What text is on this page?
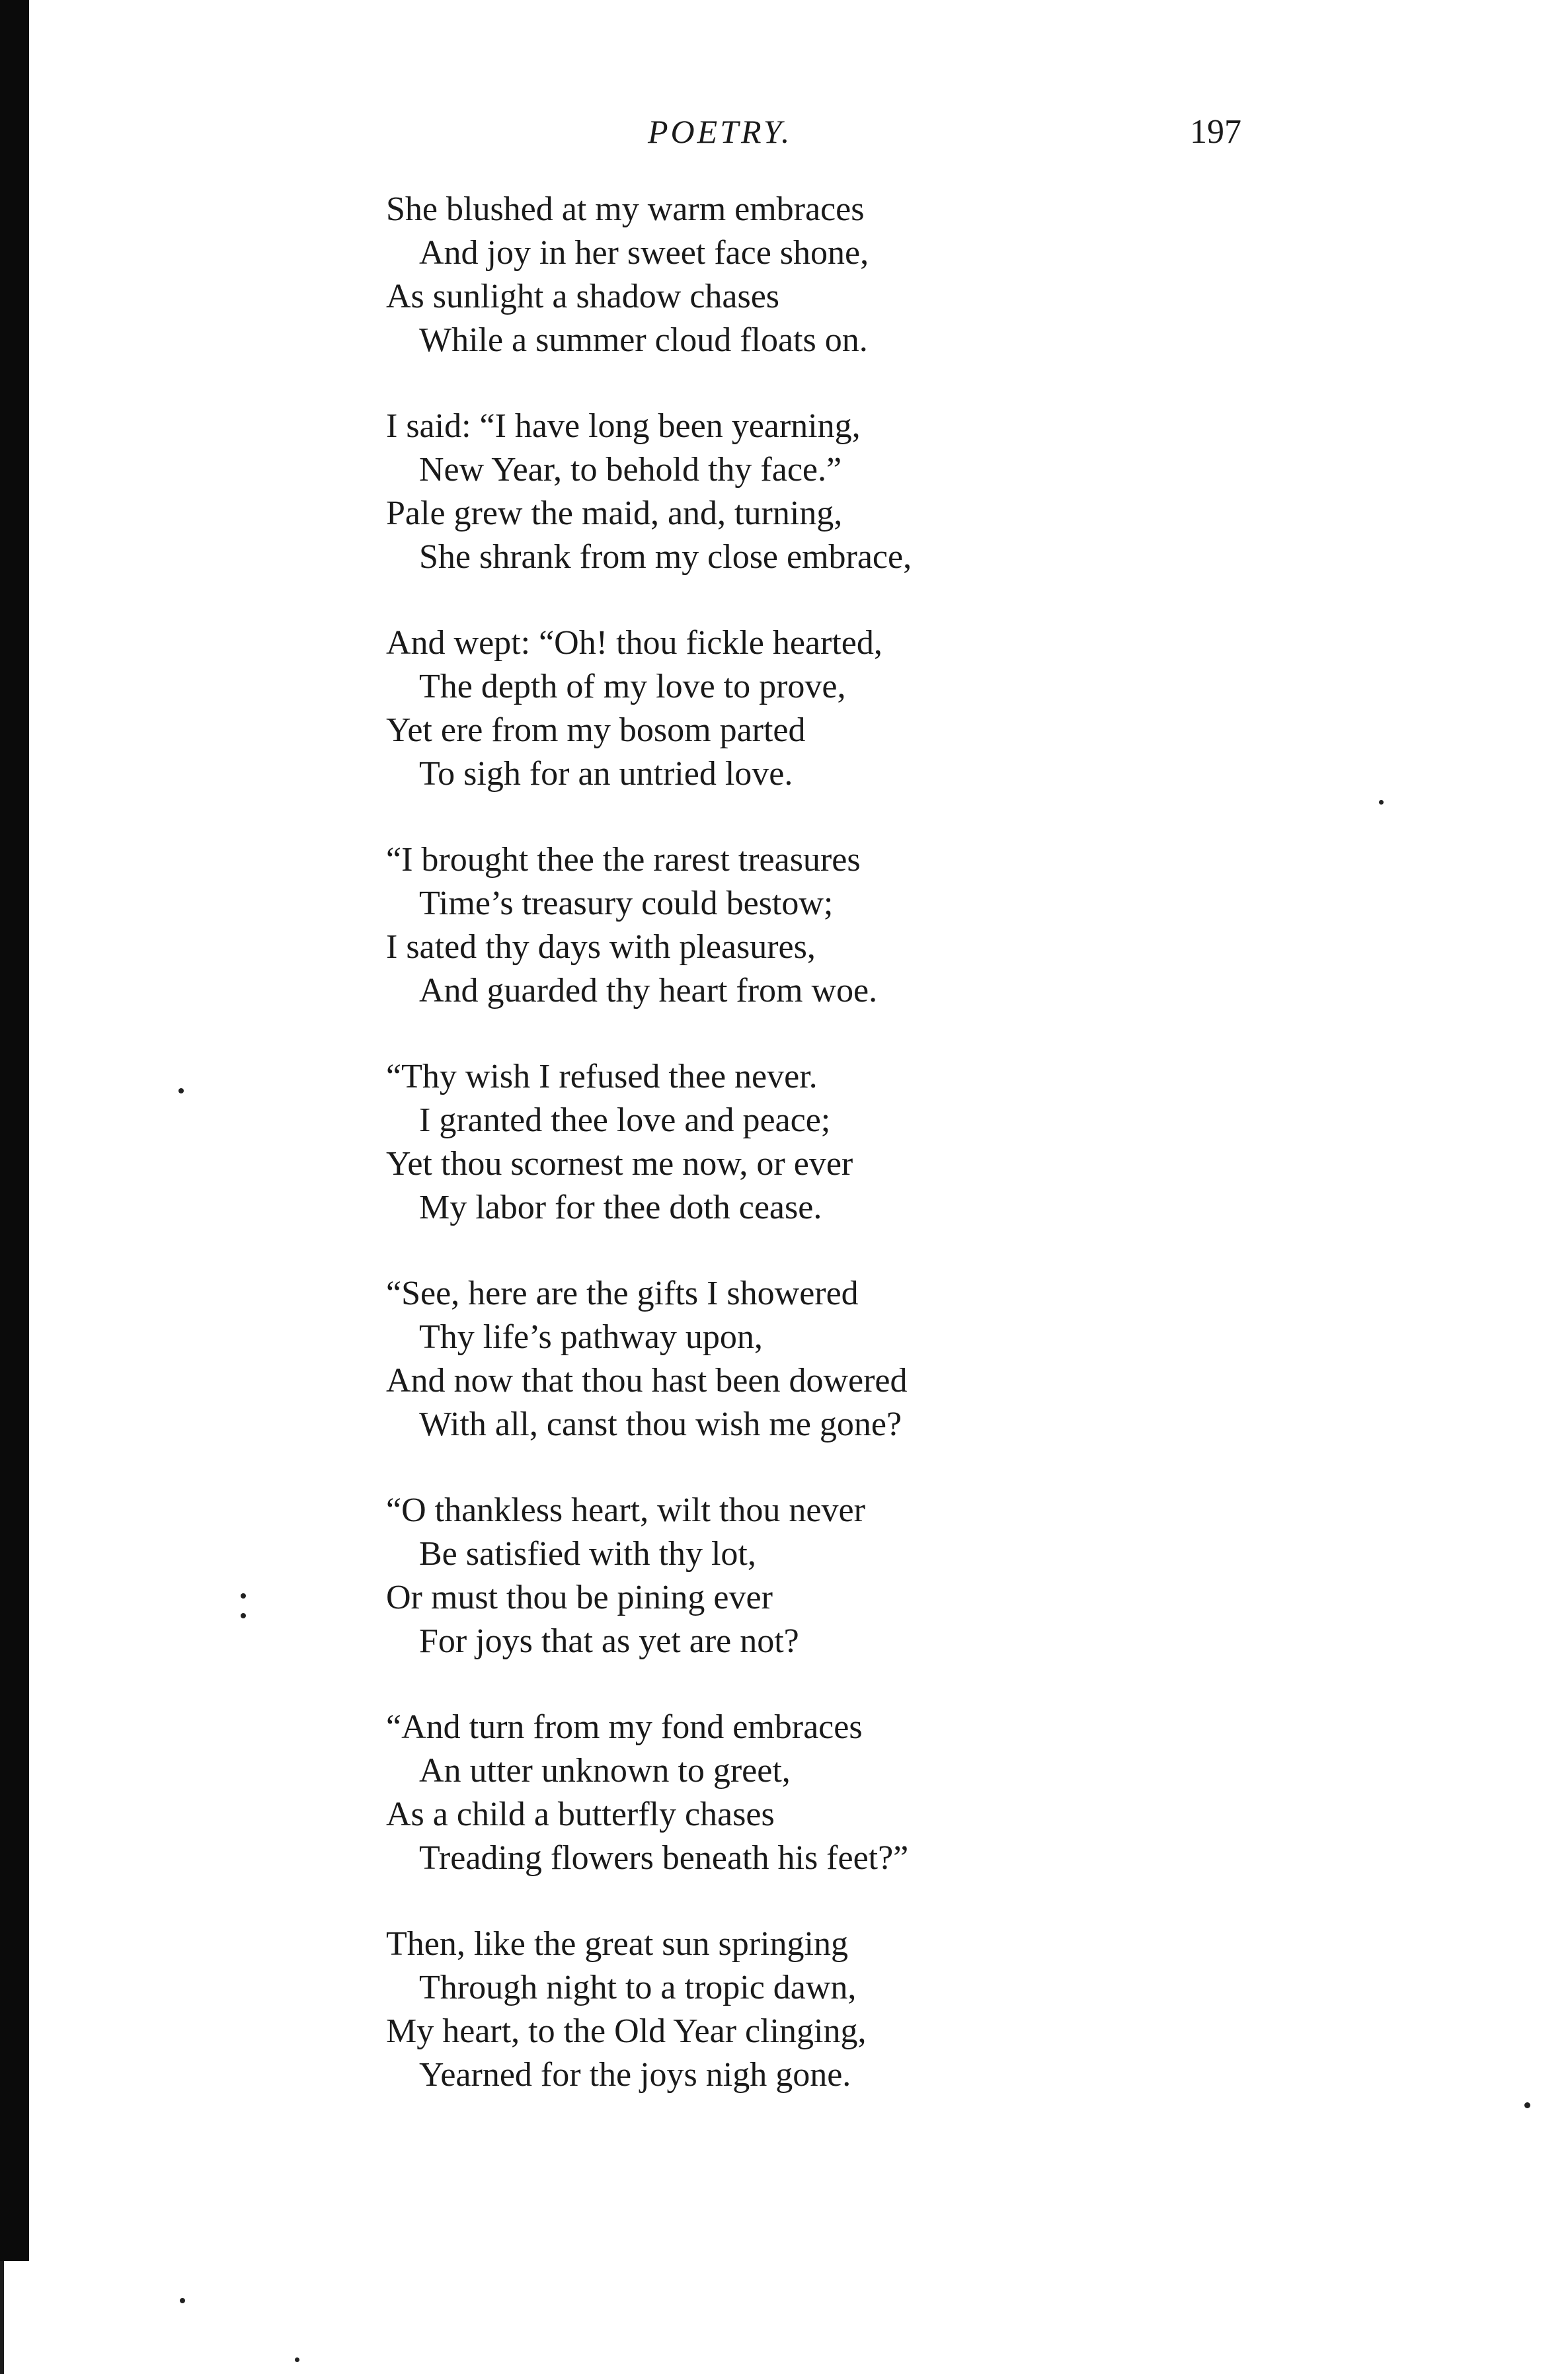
POETRY.	197
She blushed at my warm embraces
And joy in her sweet face shone,
As sunlight a shadow chases
While a summer cloud floats on.
I said: “I have long been yearning,
New Year, to behold thy face.”
Pale grew the maid, and, turning,
She shrank from my close embrace,
And wept: “Oh! thou fickle hearted,
The depth of my love to prove,
Yet ere from my bosom parted
To sigh for an untried love.
“I brought thee the rarest treasures
Time’s treasury could bestow;
I sated thy days with pleasures,
And guarded thy heart from woe.
“Thy wish I refused thee never.
I granted thee love and peace;
Yet thou scornest me now, or ever
My labor for thee doth cease.
“See, here are the gifts I showered
Thy life’s pathway upon,
And now that thou hast been dowered
With all, canst thou wish me gone?
“O thankless heart, wilt thou never
Be satisfied with thy lot,
Or must thou be pining ever
For joys that as yet are not?
“And turn from my fond embraces
An utter unknown to greet,
As a child a butterfly chases
Treading flowers beneath his feet?”
Then, like the great sun springing
Through night to a tropic dawn,
My heart, to the Old Year clinging,
Yearned for the joys nigh gone.
